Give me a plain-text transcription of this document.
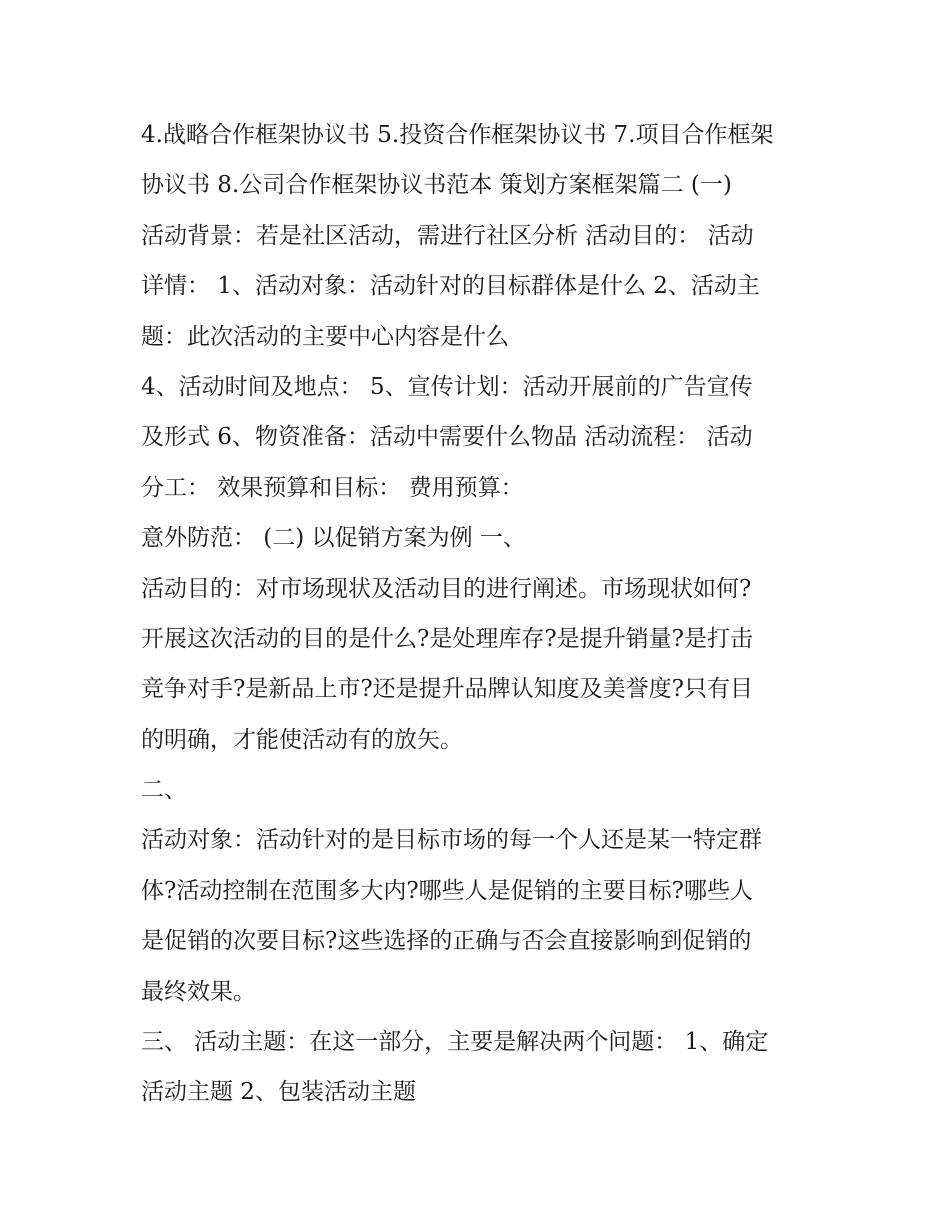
4.战略合作框架协议书 5.投资合作框架协议书 7.项目合作框架
协议书 8.公司合作框架协议书范本 策划方案框架篇二 (一)
活动背景：若是社区活动，需进行社区分析 活动目的： 活动
详情： 1、活动对象：活动针对的目标群体是什么 2、活动主
题：此次活动的主要中心内容是什么
4、活动时间及地点： 5、宣传计划：活动开展前的广告宣传
及形式 6、物资准备：活动中需要什么物品 活动流程： 活动
分工： 效果预算和目标： 费用预算：
意外防范： (二) 以促销方案为例 一、
活动目的：对市场现状及活动目的进行阐述。市场现状如何?
开展这次活动的目的是什么?是处理库存?是提升销量?是打击
竞争对手?是新品上市?还是提升品牌认知度及美誉度?只有目
的明确，才能使活动有的放矢。
二、
活动对象：活动针对的是目标市场的每一个人还是某一特定群
体?活动控制在范围多大内?哪些人是促销的主要目标?哪些人
是促销的次要目标?这些选择的正确与否会直接影响到促销的
最终效果。
三、 活动主题：在这一部分，主要是解决两个问题： 1、确定
活动主题 2、包装活动主题
